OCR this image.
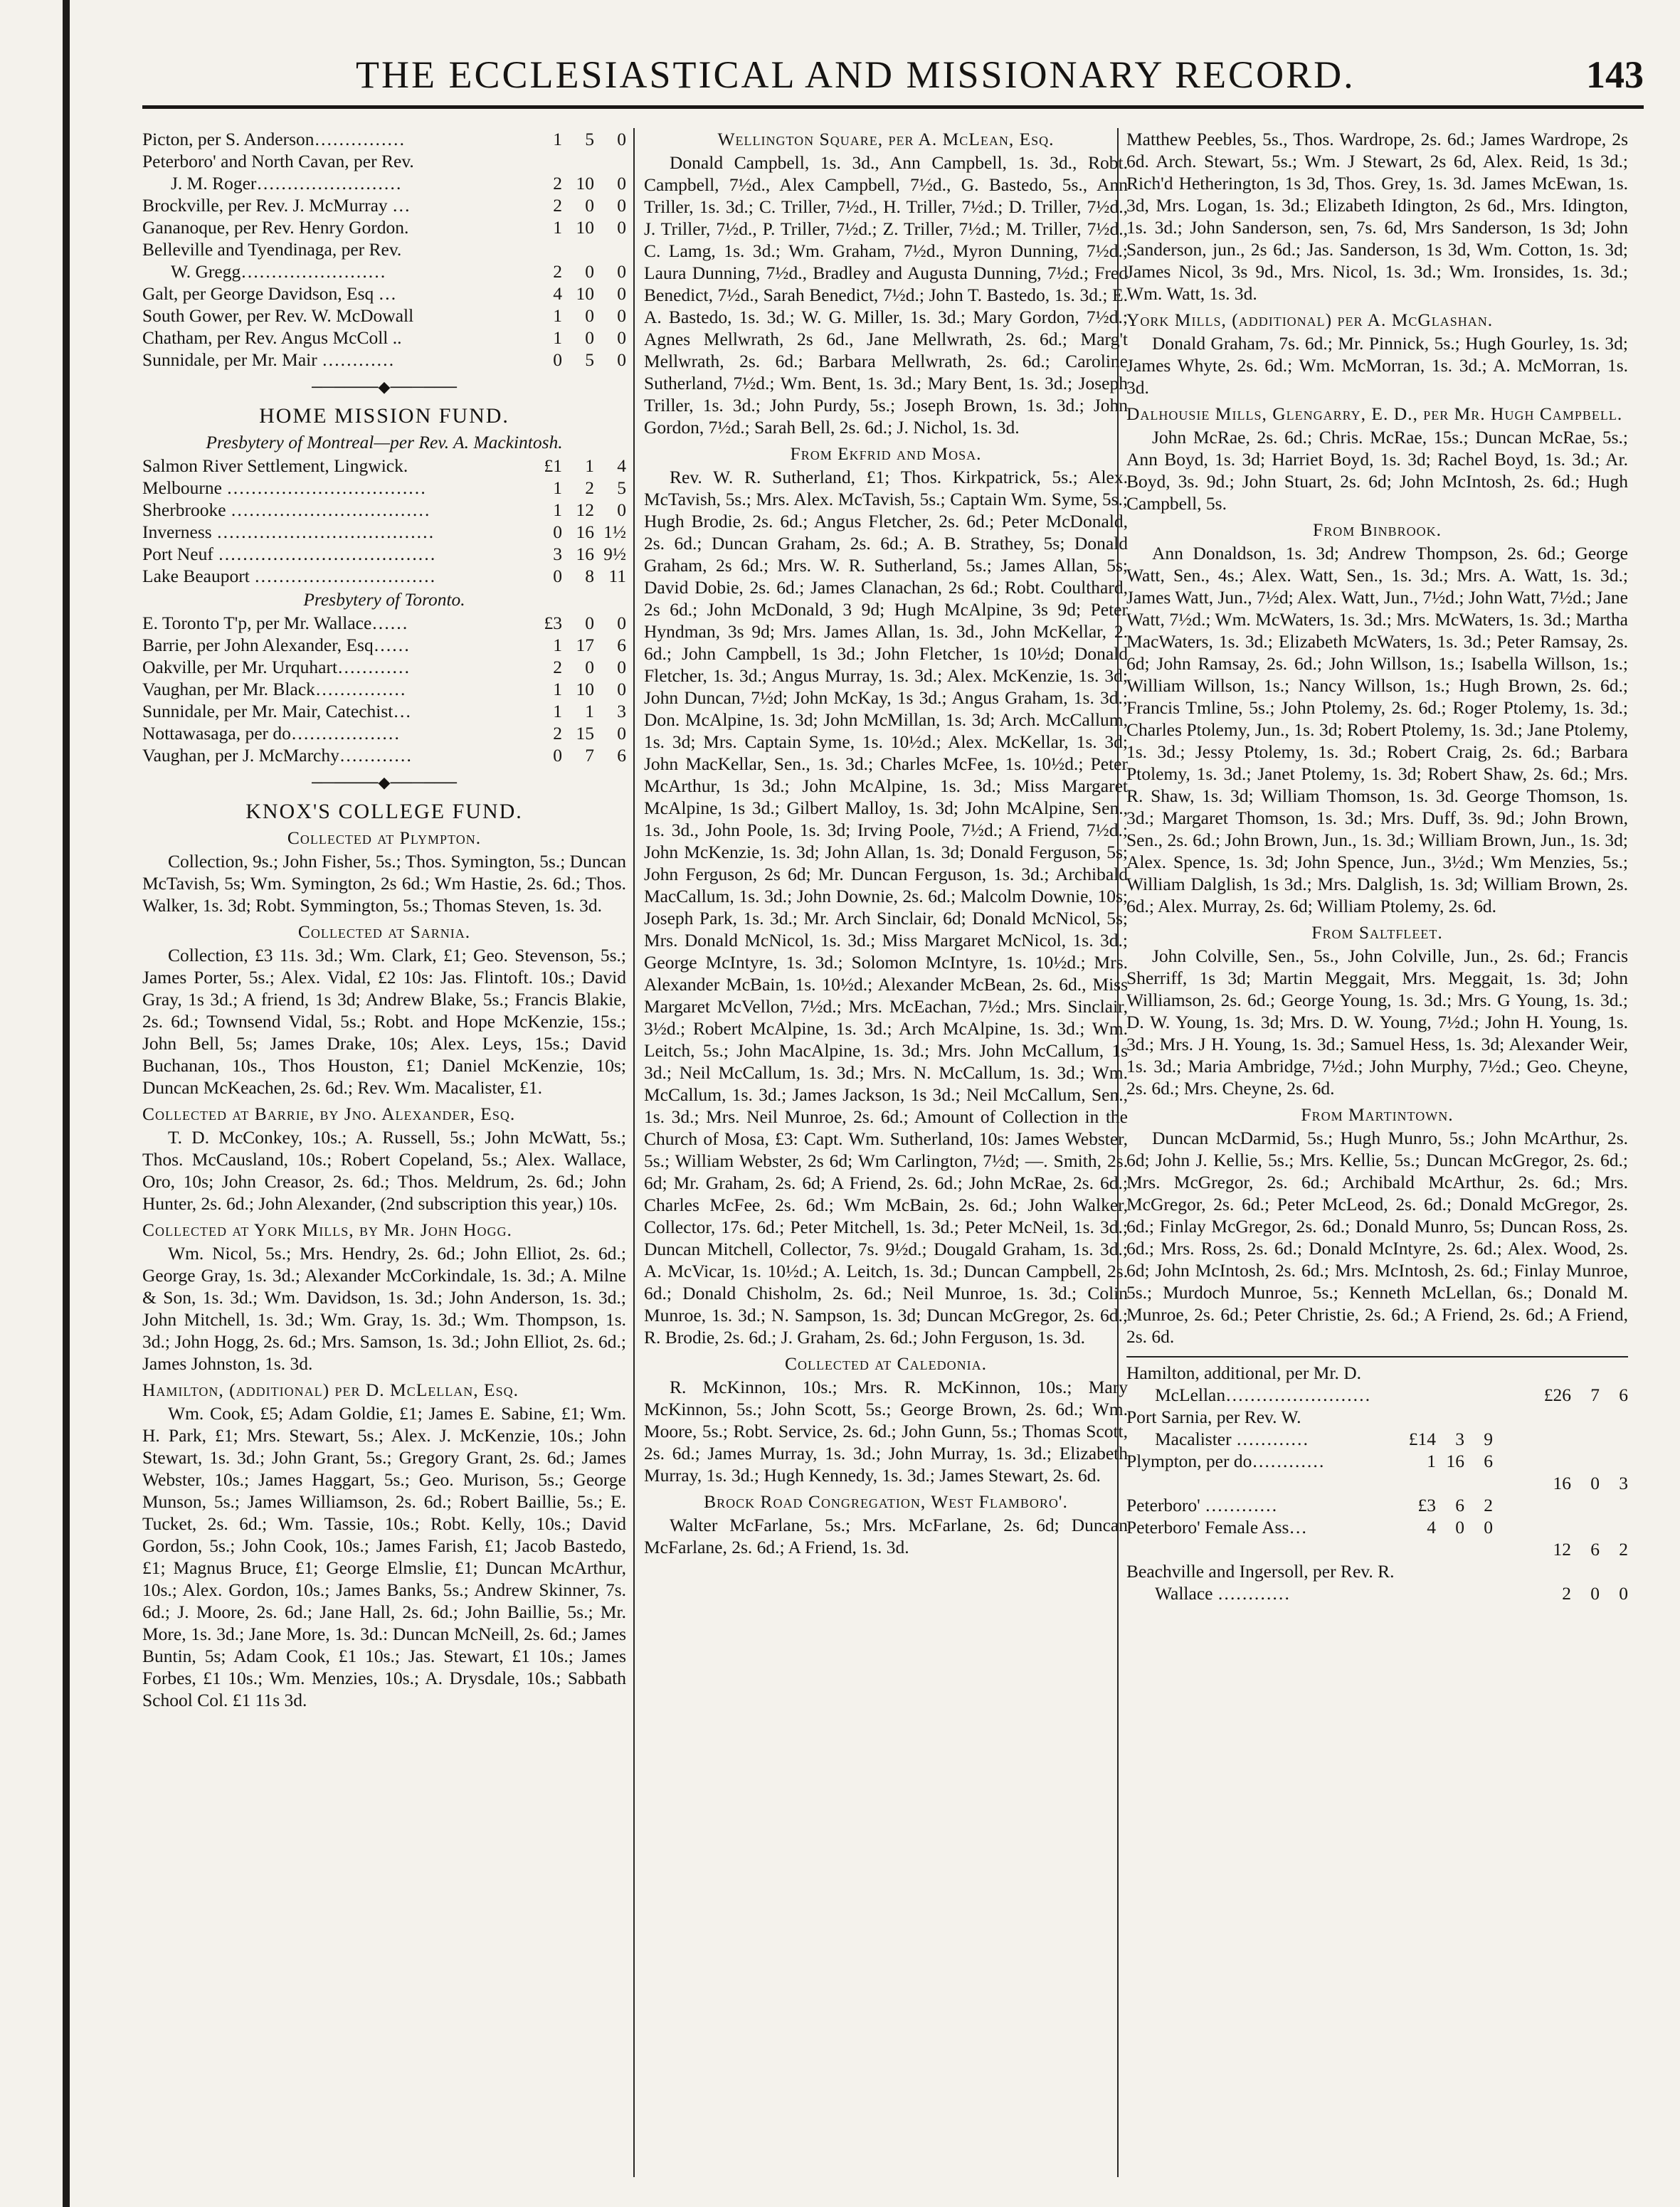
THE ECCLESIASTICAL AND MISSIONARY RECORD.	143
Picton, per S. Anderson……………	1	5	0
Peterboro' and North Cavan, per Rev.
J. M. Roger……………………	2 10	0
Brockville, per Rev. J. McMurray …	2	0	0
Gananoque, per Rev. Henry Gordon.	1 10	0
Belleville and Tyendinaga, per Rev.
W. Gregg……………………	2	0	0
Galt, per George Davidson, Esq …	4 10	0
South Gower, per Rev. W. McDowall	1	0	0
Chatham, per Rev. Angus McColl ..	1	0	0
Sunnidale, per Mr. Mair …………	0	5	0
──────◆──────
HOME MISSION FUND.
Presbytery of Montreal—per Rev. A. Mackintosh.
Salmon River Settlement, Lingwick.	£1	1	4
Melbourne ……………………………	1	2	5
Sherbrooke ……………………………	1 12	0
Inverness ………………………………	0 16 1½
Port Neuf ………………………………	3 16 9½
Lake Beauport …………………………	0	8 11
Presbytery of Toronto.
E. Toronto T'p, per Mr. Wallace……	£3	0	0
Barrie, per John Alexander, Esq……	1 17	6
Oakville, per Mr. Urquhart…………	2	0	0
Vaughan, per Mr. Black……………	1 10	0
Sunnidale, per Mr. Mair, Catechist…	1	1	3
Nottawasaga, per do………………	2 15	0
Vaughan, per J. McMarchy…………	0	7	6
──────◆──────
KNOX'S COLLEGE FUND.
Collected at Plympton.

Collection, 9s.; John Fisher, 5s.; Thos. Symington, 5s.; Duncan McTavish, 5s; Wm. Symington, 2s 6d.; Wm Hastie, 2s. 6d.; Thos. Walker, 1s. 3d; Robt. Symmington, 5s.; Thomas Steven, 1s. 3d.

Collected at Sarnia.

Collection, £3 11s. 3d.; Wm. Clark, £1; Geo. Stevenson, 5s.; James Porter, 5s.; Alex. Vidal, £2 10s: Jas. Flintoft. 10s.; David Gray, 1s 3d.; A friend, 1s 3d; Andrew Blake, 5s.; Francis Blakie, 2s. 6d.; Townsend Vidal, 5s.; Robt. and Hope McKenzie, 15s.; John Bell, 5s; James Drake, 10s; Alex. Leys, 15s.; David Buchanan, 10s., Thos Houston, £1; Daniel McKenzie, 10s; Duncan McKeachen, 2s. 6d.; Rev. Wm. Macalister, £1.

Collected at Barrie, by Jno. Alexander, Esq.

T. D. McConkey, 10s.; A. Russell, 5s.; John McWatt, 5s.; Thos. McCausland, 10s.; Robert Copeland, 5s.; Alex. Wallace, Oro, 10s; John Creasor, 2s. 6d.; Thos. Meldrum, 2s. 6d.; John Hunter, 2s. 6d.; John Alexander, (2nd subscription this year,) 10s.

Collected at York Mills, by Mr. John Hogg.

Wm. Nicol, 5s.; Mrs. Hendry, 2s. 6d.; John Elliot, 2s. 6d.; George Gray, 1s. 3d.; Alexander McCorkindale, 1s. 3d.; A. Milne & Son, 1s. 3d.; Wm. Davidson, 1s. 3d.; John Anderson, 1s. 3d.; John Mitchell, 1s. 3d.; Wm. Gray, 1s. 3d.; Wm. Thompson, 1s. 3d.; John Hogg, 2s. 6d.; Mrs. Samson, 1s. 3d.; John Elliot, 2s. 6d.; James Johnston, 1s. 3d.

Hamilton, (additional) per D. McLellan, Esq.

Wm. Cook, £5; Adam Goldie, £1; James E. Sabine, £1; Wm. H. Park, £1; Mrs. Stewart, 5s.; Alex. J. McKenzie, 10s.; John Stewart, 1s. 3d.; John Grant, 5s.; Gregory Grant, 2s. 6d.; James Webster, 10s.; James Haggart, 5s.; Geo. Murison, 5s.; George Munson, 5s.; James Williamson, 2s. 6d.; Robert Baillie, 5s.; E. Tucket, 2s. 6d.; Wm. Tassie, 10s.; Robt. Kelly, 10s.; David Gordon, 5s.; John Cook, 10s.; James Farish, £1; Jacob Bastedo, £1; Magnus Bruce, £1; George Elmslie, £1; Duncan McArthur, 10s.; Alex. Gordon, 10s.; James Banks, 5s.; Andrew Skinner, 7s. 6d.; J. Moore, 2s. 6d.; Jane Hall, 2s. 6d.; John Baillie, 5s.; Mr. More, 1s. 3d.; Jane More, 1s. 3d.: Duncan McNeill, 2s. 6d.; James Buntin, 5s; Adam Cook, £1 10s.; Jas. Stewart, £1 10s.; James Forbes, £1 10s.; Wm. Menzies, 10s.; A. Drysdale, 10s.; Sabbath School Col. £1 11s 3d.

Wellington Square, per A. McLean, Esq.

Donald Campbell, 1s. 3d., Ann Campbell, 1s. 3d., Robt. Campbell, 7½d., Alex Campbell, 7½d., G. Bastedo, 5s., Ann Triller, 1s. 3d.; C. Triller, 7½d., H. Triller, 7½d.; D. Triller, 7½d., J. Triller, 7½d., P. Triller, 7½d.; Z. Triller, 7½d.; M. Triller, 7½d., C. Lamg, 1s. 3d.; Wm. Graham, 7½d., Myron Dunning, 7½d.; Laura Dunning, 7½d., Bradley and Augusta Dunning, 7½d.; Fred Benedict, 7½d., Sarah Benedict, 7½d.; John T. Bastedo, 1s. 3d.; E. A. Bastedo, 1s. 3d.; W. G. Miller, 1s. 3d.; Mary Gordon, 7½d.; Agnes Mellwrath, 2s 6d., Jane Mellwrath, 2s. 6d.; Marg't Mellwrath, 2s. 6d.; Barbara Mellwrath, 2s. 6d.; Caroline Sutherland, 7½d.; Wm. Bent, 1s. 3d.; Mary Bent, 1s. 3d.; Joseph Triller, 1s. 3d.; John Purdy, 5s.; Joseph Brown, 1s. 3d.; John Gordon, 7½d.; Sarah Bell, 2s. 6d.; J. Nichol, 1s. 3d.

From Ekfrid and Mosa.

Rev. W. R. Sutherland, £1; Thos. Kirkpatrick, 5s.; Alex. McTavish, 5s.; Mrs. Alex. McTavish, 5s.; Captain Wm. Syme, 5s.; Hugh Brodie, 2s. 6d.; Angus Fletcher, 2s. 6d.; Peter McDonald, 2s. 6d.; Duncan Graham, 2s. 6d.; A. B. Strathey, 5s; Donald Graham, 2s 6d.; Mrs. W. R. Sutherland, 5s.; James Allan, 5s; David Dobie, 2s. 6d.; James Clanachan, 2s 6d.; Robt. Coulthard, 2s 6d.; John McDonald, 3 9d; Hugh McAlpine, 3s 9d; Peter Hyndman, 3s 9d; Mrs. James Allan, 1s. 3d., John McKellar, 2. 6d.; John Campbell, 1s 3d.; John Fletcher, 1s 10½d; Donald Fletcher, 1s. 3d.; Angus Murray, 1s. 3d.; Alex. McKenzie, 1s. 3d; John Duncan, 7½d; John McKay, 1s 3d.; Angus Graham, 1s. 3d.; Don. McAlpine, 1s. 3d; John McMillan, 1s. 3d; Arch. McCallum, 1s. 3d; Mrs. Captain Syme, 1s. 10½d.; Alex. McKellar, 1s. 3d; John MacKellar, Sen., 1s. 3d.; Charles McFee, 1s. 10½d.; Peter McArthur, 1s 3d.; John McAlpine, 1s. 3d.; Miss Margaret McAlpine, 1s 3d.; Gilbert Malloy, 1s. 3d; John McAlpine, Sen., 1s. 3d., John Poole, 1s. 3d; Irving Poole, 7½d.; A Friend, 7½d.; John McKenzie, 1s. 3d; John Allan, 1s. 3d; Donald Ferguson, 5s; John Ferguson, 2s 6d; Mr. Duncan Ferguson, 1s. 3d.; Archibald MacCallum, 1s. 3d.; John Downie, 2s. 6d.; Malcolm Downie, 10s; Joseph Park, 1s. 3d.; Mr. Arch Sinclair, 6d; Donald McNicol, 5s; Mrs. Donald McNicol, 1s. 3d.; Miss Margaret McNicol, 1s. 3d.; George McIntyre, 1s. 3d.; Solomon McIntyre, 1s. 10½d.; Mrs. Alexander McBain, 1s. 10½d.; Alexander McBean, 2s. 6d., Miss Margaret McVellon, 7½d.; Mrs. McEachan, 7½d.; Mrs. Sinclair, 3½d.; Robert McAlpine, 1s. 3d.; Arch McAlpine, 1s. 3d.; Wm. Leitch, 5s.; John MacAlpine, 1s. 3d.; Mrs. John McCallum, 1s 3d.; Neil McCallum, 1s. 3d.; Mrs. N. McCallum, 1s. 3d.; Wm. McCallum, 1s. 3d.; James Jackson, 1s 3d.; Neil McCallum, Sen., 1s. 3d.; Mrs. Neil Munroe, 2s. 6d.; Amount of Collection in the Church of Mosa, £3: Capt. Wm. Sutherland, 10s: James Webster, 5s.; William Webster, 2s 6d; Wm Carlington, 7½d; —. Smith, 2s. 6d; Mr. Graham, 2s. 6d; A Friend, 2s. 6d.; John McRae, 2s. 6d.; Charles McFee, 2s. 6d.; Wm McBain, 2s. 6d.; John Walker, Collector, 17s. 6d.; Peter Mitchell, 1s. 3d.; Peter McNeil, 1s. 3d.; Duncan Mitchell, Collector, 7s. 9½d.; Dougald Graham, 1s. 3d.; A. McVicar, 1s. 10½d.; A. Leitch, 1s. 3d.; Duncan Campbell, 2s. 6d.; Donald Chisholm, 2s. 6d.; Neil Munroe, 1s. 3d.; Colin Munroe, 1s. 3d.; N. Sampson, 1s. 3d; Duncan McGregor, 2s. 6d.; R. Brodie, 2s. 6d.; J. Graham, 2s. 6d.; John Ferguson, 1s. 3d.

Collected at Caledonia.

R. McKinnon, 10s.; Mrs. R. McKinnon, 10s.; Mary McKinnon, 5s.; John Scott, 5s.; George Brown, 2s. 6d.; Wm. Moore, 5s.; Robt. Service, 2s. 6d.; John Gunn, 5s.; Thomas Scott, 2s. 6d.; James Murray, 1s. 3d.; John Murray, 1s. 3d.; Elizabeth Murray, 1s. 3d.; Hugh Kennedy, 1s. 3d.; James Stewart, 2s. 6d.

Brock Road Congregation, West Flamboro'.

Walter McFarlane, 5s.; Mrs. McFarlane, 2s. 6d; Duncan McFarlane, 2s. 6d.; A Friend, 1s. 3d.

Matthew Peebles, 5s., Thos. Wardrope, 2s. 6d.; James Wardrope, 2s 6d. Arch. Stewart, 5s.; Wm. J Stewart, 2s 6d, Alex. Reid, 1s 3d.; Rich'd Hetherington, 1s 3d, Thos. Grey, 1s. 3d. James McEwan, 1s. 3d, Mrs. Logan, 1s. 3d.; Elizabeth Idington, 2s 6d., Mrs. Idington, 1s. 3d.; John Sanderson, sen, 7s. 6d, Mrs Sanderson, 1s 3d; John Sanderson, jun., 2s 6d.; Jas. Sanderson, 1s 3d, Wm. Cotton, 1s. 3d; James Nicol, 3s 9d., Mrs. Nicol, 1s. 3d.; Wm. Ironsides, 1s. 3d.; Wm. Watt, 1s. 3d.

York Mills, (additional) per A. McGlashan.

Donald Graham, 7s. 6d.; Mr. Pinnick, 5s.; Hugh Gourley, 1s. 3d; James Whyte, 2s. 6d.; Wm. McMorran, 1s. 3d.; A. McMorran, 1s. 3d.

Dalhousie Mills, Glengarry, E. D., per Mr. Hugh Campbell.

John McRae, 2s. 6d.; Chris. McRae, 15s.; Duncan McRae, 5s.; Ann Boyd, 1s. 3d; Harriet Boyd, 1s. 3d; Rachel Boyd, 1s. 3d.; Ar. Boyd, 3s. 9d.; John Stuart, 2s. 6d; John McIntosh, 2s. 6d.; Hugh Campbell, 5s.

From Binbrook.

Ann Donaldson, 1s. 3d; Andrew Thompson, 2s. 6d.; George Watt, Sen., 4s.; Alex. Watt, Sen., 1s. 3d.; Mrs. A. Watt, 1s. 3d.; James Watt, Jun., 7½d; Alex. Watt, Jun., 7½d.; John Watt, 7½d.; Jane Watt, 7½d.; Wm. McWaters, 1s. 3d.; Mrs. McWaters, 1s. 3d.; Martha MacWaters, 1s. 3d.; Elizabeth McWaters, 1s. 3d.; Peter Ramsay, 2s. 6d; John Ramsay, 2s. 6d.; John Willson, 1s.; Isabella Willson, 1s.; William Willson, 1s.; Nancy Willson, 1s.; Hugh Brown, 2s. 6d.; Francis Tmline, 5s.; John Ptolemy, 2s. 6d.; Roger Ptolemy, 1s. 3d.; Charles Ptolemy, Jun., 1s. 3d; Robert Ptolemy, 1s. 3d.; Jane Ptolemy, 1s. 3d.; Jessy Ptolemy, 1s. 3d.; Robert Craig, 2s. 6d.; Barbara Ptolemy, 1s. 3d.; Janet Ptolemy, 1s. 3d; Robert Shaw, 2s. 6d.; Mrs. R. Shaw, 1s. 3d; William Thomson, 1s. 3d. George Thomson, 1s. 3d.; Margaret Thomson, 1s. 3d.; Mrs. Duff, 3s. 9d.; John Brown, Sen., 2s. 6d.; John Brown, Jun., 1s. 3d.; William Brown, Jun., 1s. 3d; Alex. Spence, 1s. 3d; John Spence, Jun., 3½d.; Wm Menzies, 5s.; William Dalglish, 1s 3d.; Mrs. Dalglish, 1s. 3d; William Brown, 2s. 6d.; Alex. Murray, 2s. 6d; William Ptolemy, 2s. 6d.

From Saltfleet.

John Colville, Sen., 5s., John Colville, Jun., 2s. 6d.; Francis Sherriff, 1s 3d; Martin Meggait, Mrs. Meggait, 1s. 3d; John Williamson, 2s. 6d.; George Young, 1s. 3d.; Mrs. G Young, 1s. 3d.; D. W. Young, 1s. 3d; Mrs. D. W. Young, 7½d.; John H. Young, 1s. 3d.; Mrs. J H. Young, 1s. 3d.; Samuel Hess, 1s. 3d; Alexander Weir, 1s. 3d.; Maria Ambridge, 7½d.; John Murphy, 7½d.; Geo. Cheyne, 2s. 6d.; Mrs. Cheyne, 2s. 6d.

From Martintown.

Duncan McDarmid, 5s.; Hugh Munro, 5s.; John McArthur, 2s. 6d; John J. Kellie, 5s.; Mrs. Kellie, 5s.; Duncan McGregor, 2s. 6d.; Mrs. McGregor, 2s. 6d.; Archibald McArthur, 2s. 6d.; Mrs. McGregor, 2s. 6d.; Peter McLeod, 2s. 6d.; Donald McGregor, 2s. 6d.; Finlay McGregor, 2s. 6d.; Donald Munro, 5s; Duncan Ross, 2s. 6d.; Mrs. Ross, 2s. 6d.; Donald McIntyre, 2s. 6d.; Alex. Wood, 2s. 6d; John McIntosh, 2s. 6d.; Mrs. McIntosh, 2s. 6d.; Finlay Munroe, 5s.; Murdoch Munroe, 5s.; Kenneth McLellan, 6s.; Donald M. Munroe, 2s. 6d.; Peter Christie, 2s. 6d.; A Friend, 2s. 6d.; A Friend, 2s. 6d.

Hamilton, additional, per Mr. D.
McLellan……………………	£26	7	6
Port Sarnia, per Rev. W.
Macalister …………	£14	3	9
Plympton, per do…………	1 16	6
16	0	3
Peterboro' …………	£3	6	2
Peterboro' Female Ass…	4	0	0
12	6	2
Beachville and Ingersoll, per Rev. R.
Wallace …………	2	0	0
